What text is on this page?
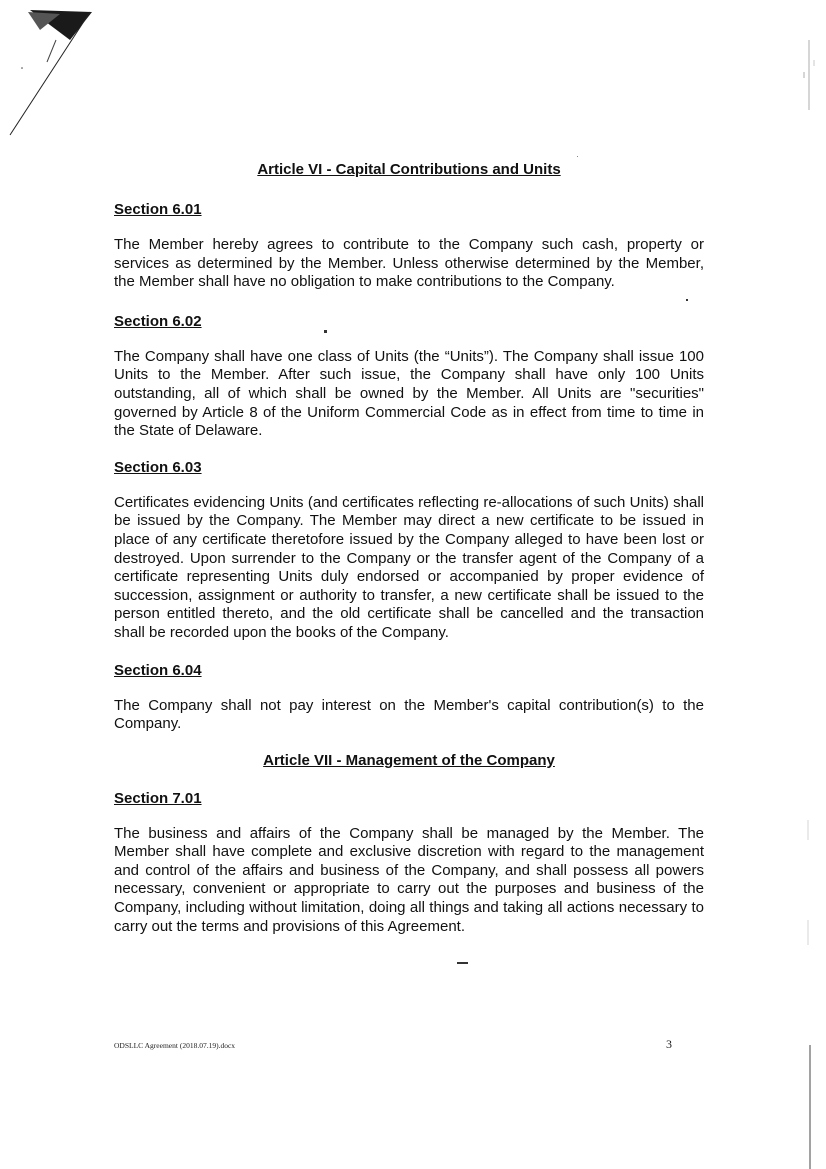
Article VI - Capital Contributions and Units
Section 6.01

The Member hereby agrees to contribute to the Company such cash, property or services as determined by the Member. Unless otherwise determined by the Member, the Member shall have no obligation to make contributions to the Company.

Section 6.02

The Company shall have one class of Units (the “Units”). The Company shall issue 100 Units to the Member. After such issue, the Company shall have only 100 Units outstanding, all of which shall be owned by the Member. All Units are "securities" governed by Article 8 of the Uniform Commercial Code as in effect from time to time in the State of Delaware.

Section 6.03

Certificates evidencing Units (and certificates reflecting re-allocations of such Units) shall be issued by the Company. The Member may direct a new certificate to be issued in place of any certificate theretofore issued by the Company alleged to have been lost or destroyed. Upon surrender to the Company or the transfer agent of the Company of a certificate representing Units duly endorsed or accompanied by proper evidence of succession, assignment or authority to transfer, a new certificate shall be issued to the person entitled thereto, and the old certificate shall be cancelled and the transaction shall be recorded upon the books of the Company.

Section 6.04

The Company shall not pay interest on the Member's capital contribution(s) to the Company.

Article VII - Management of the Company
Section 7.01

The business and affairs of the Company shall be managed by the Member. The Member shall have complete and exclusive discretion with regard to the management and control of the affairs and business of the Company, and shall possess all powers necessary, convenient or appropriate to carry out the purposes and business of the Company, including without limitation, doing all things and taking all actions necessary to carry out the terms and provisions of this Agreement.

ODSLLC Agreement (2018.07.19).docx	3
